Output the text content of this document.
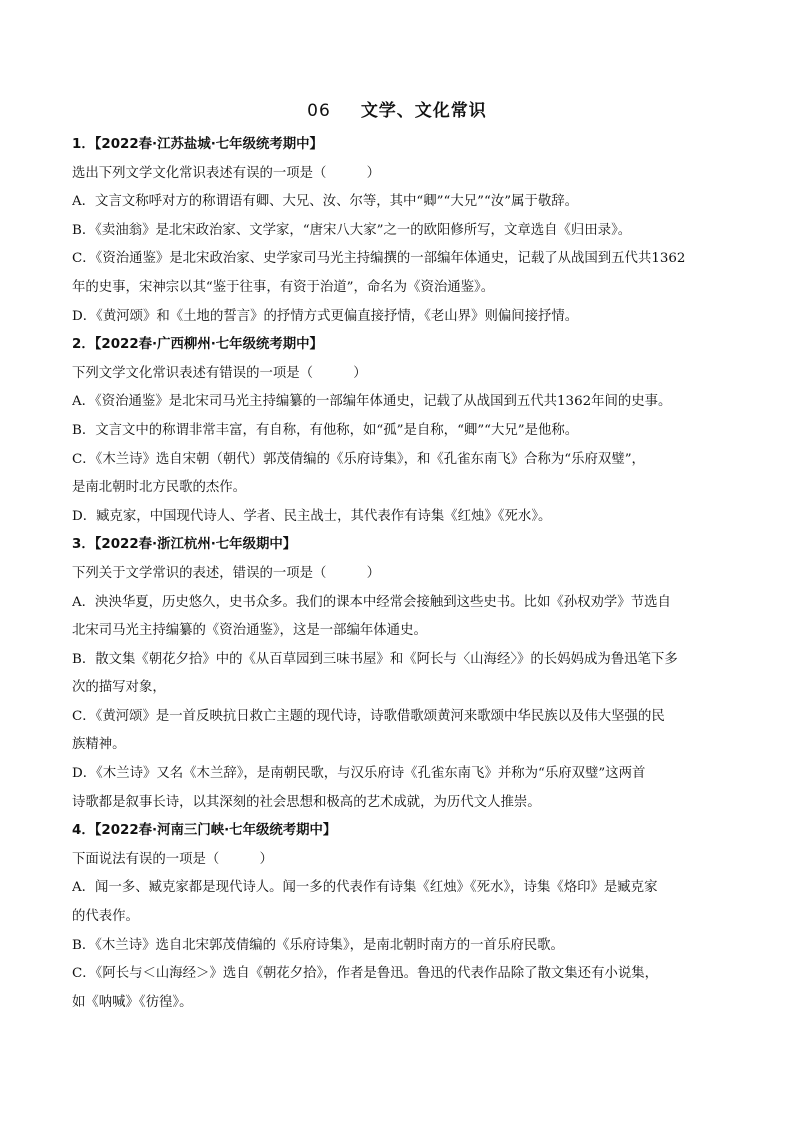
06 文学、文化常识
1．【2022春·江苏盐城·七年级统考期中】
选出下列文学文化常识表述有误的一项是（　　　）
A．文言文称呼对方的称谓语有卿、大兄、汝、尔等，其中“卿”“大兄”“汝”属于敬辞。
B．《卖油翁》是北宋政治家、文学家，“唐宋八大家”之一的欧阳修所写，文章选自《归田录》。
C．《资治通鉴》是北宋政治家、史学家司马光主持编撰的一部编年体通史，记载了从战国到五代共1362
年的史事，宋神宗以其“鉴于往事，有资于治道”，命名为《资治通鉴》。
D．《黄河颂》和《土地的誓言》的抒情方式更偏直接抒情，《老山界》则偏间接抒情。
2．【2022春·广西柳州·七年级统考期中】
下列文学文化常识表述有错误的一项是（　　　）
A．《资治通鉴》是北宋司马光主持编纂的一部编年体通史，记载了从战国到五代共1362年间的史事。
B．文言文中的称谓非常丰富，有自称，有他称，如“孤”是自称，“卿”“大兄”是他称。
C．《木兰诗》选自宋朝（朝代）郭茂倩编的《乐府诗集》，和《孔雀东南飞》合称为“乐府双璧”，
是南北朝时北方民歌的杰作。
D．臧克家，中国现代诗人、学者、民主战士，其代表作有诗集《红烛》《死水》。
3．【2022春·浙江杭州·七年级期中】
下列关于文学常识的表述，错误的一项是（　　　）
A．泱泱华夏，历史悠久，史书众多。我们的课本中经常会接触到这些史书。比如《孙权劝学》节选自
北宋司马光主持编纂的《资治通鉴》，这是一部编年体通史。
B．散文集《朝花夕拾》中的《从百草园到三味书屋》和《阿长与〈山海经〉》的长妈妈成为鲁迅笔下多
次的描写对象，
C．《黄河颂》是一首反映抗日救亡主题的现代诗，诗歌借歌颂黄河来歌颂中华民族以及伟大坚强的民
族精神。
D．《木兰诗》又名《木兰辞》，是南朝民歌，与汉乐府诗《孔雀东南飞》并称为“乐府双璧”这两首
诗歌都是叙事长诗，以其深刻的社会思想和极高的艺术成就，为历代文人推崇。
4．【2022春·河南三门峡·七年级统考期中】
下面说法有误的一项是（　　　）
A．闻一多、臧克家都是现代诗人。闻一多的代表作有诗集《红烛》《死水》，诗集《烙印》是臧克家
的代表作。
B．《木兰诗》选自北宋郭茂倩编的《乐府诗集》，是南北朝时南方的一首乐府民歌。
C．《阿长与＜山海经＞》选自《朝花夕拾》，作者是鲁迅。鲁迅的代表作品除了散文集还有小说集，
如《呐喊》《彷徨》。
